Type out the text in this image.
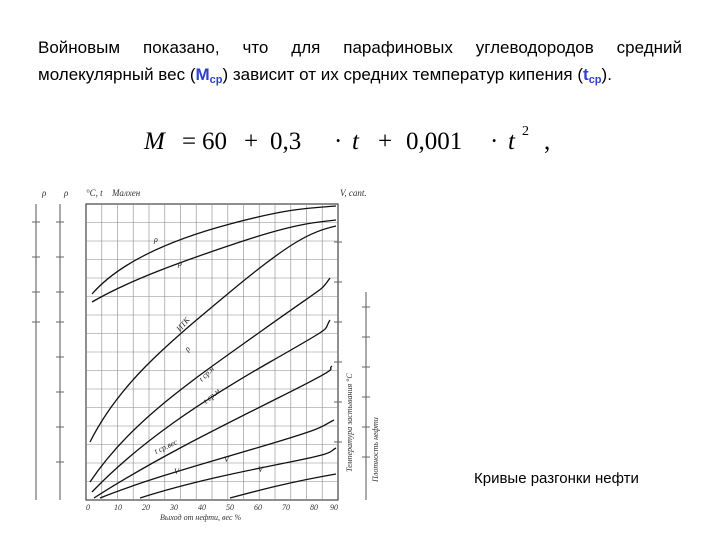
Войновым показано, что для парафиновых углеводородов средний молекулярный вес $(M_{ср})$ зависит от их средних температур кипения $(t_{ср})$.
M = 60 + 0,3 · t + 0,001 · t 2 ,
ρ ρ °С, t Малхен	V, cant.
ρ
ρ
ИТК
ρ
t ср.н
t ср.м
t ср.вес
V
V
V	Температура застывания °С Плотность нефти
0	10	20	30	40	50	60	70	80 90
Выход от нефти, вес %
Кривые разгонки нефти
